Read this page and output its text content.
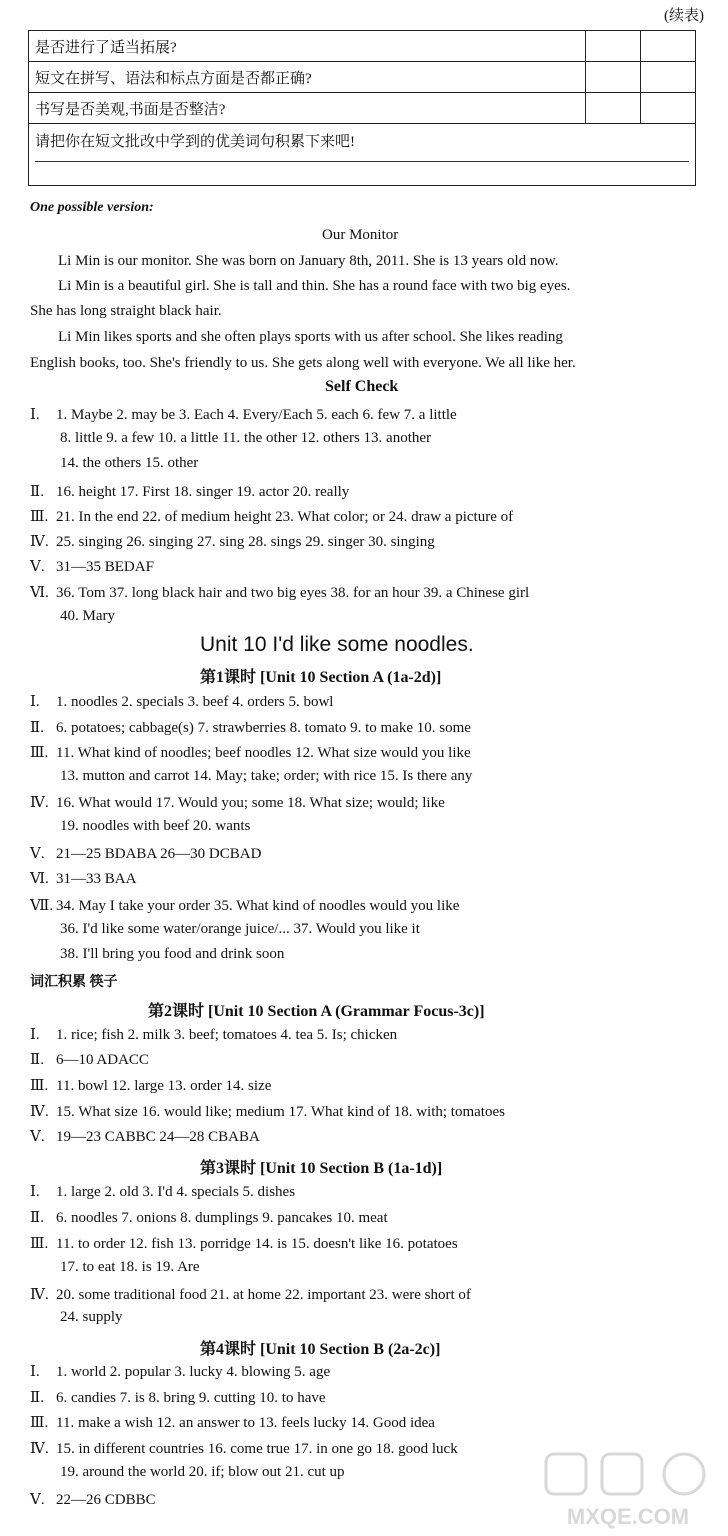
(续表)
是否进行了适当拓展?		
短文在拼写、语法和标点方面是否都正确?		
书写是否美观,书面是否整洁?		
请把你在短文批改中学到的优美词句积累下来吧!		
One possible version:
Our Monitor
Li Min is our monitor. She was born on January 8th, 2011. She is 13 years old now.
Li Min is a beautiful girl. She is tall and thin. She has a round face with two big eyes.
She has long straight black hair.
Li Min likes sports and she often plays sports with us after school. She likes reading
English books, too. She's friendly to us. She gets along well with everyone. We all like her.
Self Check
Ⅰ. 1. Maybe 2. may be 3. Each 4. Every/Each 5. each 6. few 7. a little
8. little 9. a few 10. a little 11. the other 12. others 13. another
14. the others 15. other
Ⅱ. 16. height 17. First 18. singer 19. actor 20. really
Ⅲ. 21. In the end 22. of medium height 23. What color; or 24. draw a picture of
Ⅳ. 25. singing 26. singing 27. sing 28. sings 29. singer 30. singing
Ⅴ. 31—35 BEDAF
Ⅵ. 36. Tom 37. long black hair and two big eyes 38. for an hour 39. a Chinese girl
40. Mary
Unit 10 I'd like some noodles.
第1课时 [Unit 10 Section A (1a-2d)]
Ⅰ. 1. noodles 2. specials 3. beef 4. orders 5. bowl
Ⅱ. 6. potatoes; cabbage(s) 7. strawberries 8. tomato 9. to make 10. some
Ⅲ. 11. What kind of noodles; beef noodles 12. What size would you like
13. mutton and carrot 14. May; take; order; with rice 15. Is there any
Ⅳ. 16. What would 17. Would you; some 18. What size; would; like
19. noodles with beef 20. wants
Ⅴ. 21—25 BDABA 26—30 DCBAD
Ⅵ. 31—33 BAA
Ⅶ. 34. May I take your order 35. What kind of noodles would you like
36. I'd like some water/orange juice/... 37. Would you like it
38. I'll bring you food and drink soon
词汇积累 筷子
第2课时 [Unit 10 Section A (Grammar Focus-3c)]
Ⅰ. 1. rice; fish 2. milk 3. beef; tomatoes 4. tea 5. Is; chicken
Ⅱ. 6—10 ADACC
Ⅲ. 11. bowl 12. large 13. order 14. size
Ⅳ. 15. What size 16. would like; medium 17. What kind of 18. with; tomatoes
Ⅴ. 19—23 CABBC 24—28 CBABA
第3课时 [Unit 10 Section B (1a-1d)]
Ⅰ. 1. large 2. old 3. I'd 4. specials 5. dishes
Ⅱ. 6. noodles 7. onions 8. dumplings 9. pancakes 10. meat
Ⅲ. 11. to order 12. fish 13. porridge 14. is 15. doesn't like 16. potatoes
17. to eat 18. is 19. Are
Ⅳ. 20. some traditional food 21. at home 22. important 23. were short of
24. supply
第4课时 [Unit 10 Section B (2a-2c)]
Ⅰ. 1. world 2. popular 3. lucky 4. blowing 5. age
Ⅱ. 6. candies 7. is 8. bring 9. cutting 10. to have
Ⅲ. 11. make a wish 12. an answer to 13. feels lucky 14. Good idea
Ⅳ. 15. in different countries 16. come true 17. in one go 18. good luck
19. around the world 20. if; blow out 21. cut up
Ⅴ. 22—26 CDBBC
MXQE.COM
